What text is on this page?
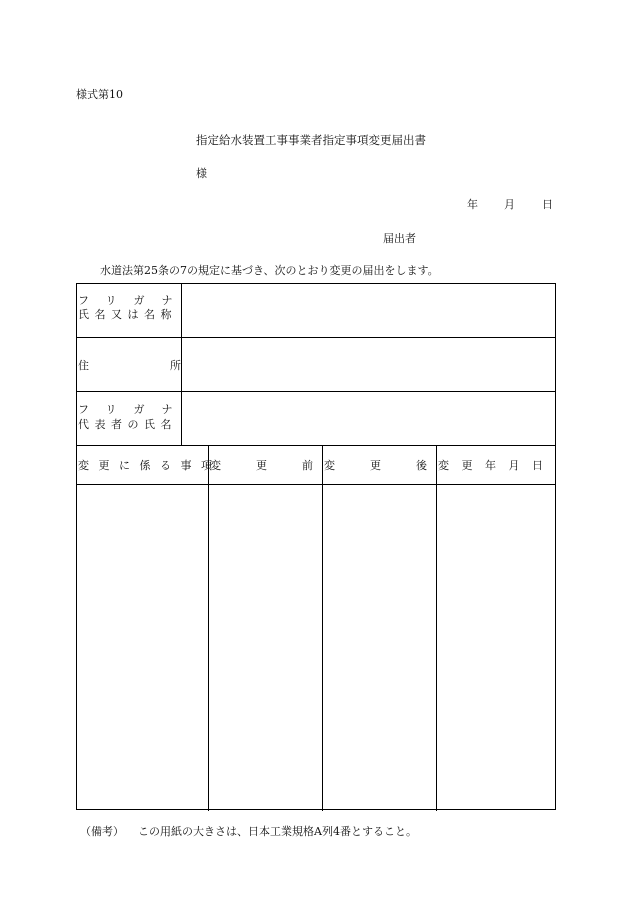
様式第10
指定給水装置工事事業者指定事項変更届出書
様
年 月 日
届出者
水道法第25条の7の規定に基づき、次のとおり変更の届出をします。
フリガナ
氏名又は名称
住所
フリガナ
代表者の氏名
変更に係る事項
変更前
変更後
変更年月日
（備考） この用紙の大きさは、日本工業規格A列4番とすること。
